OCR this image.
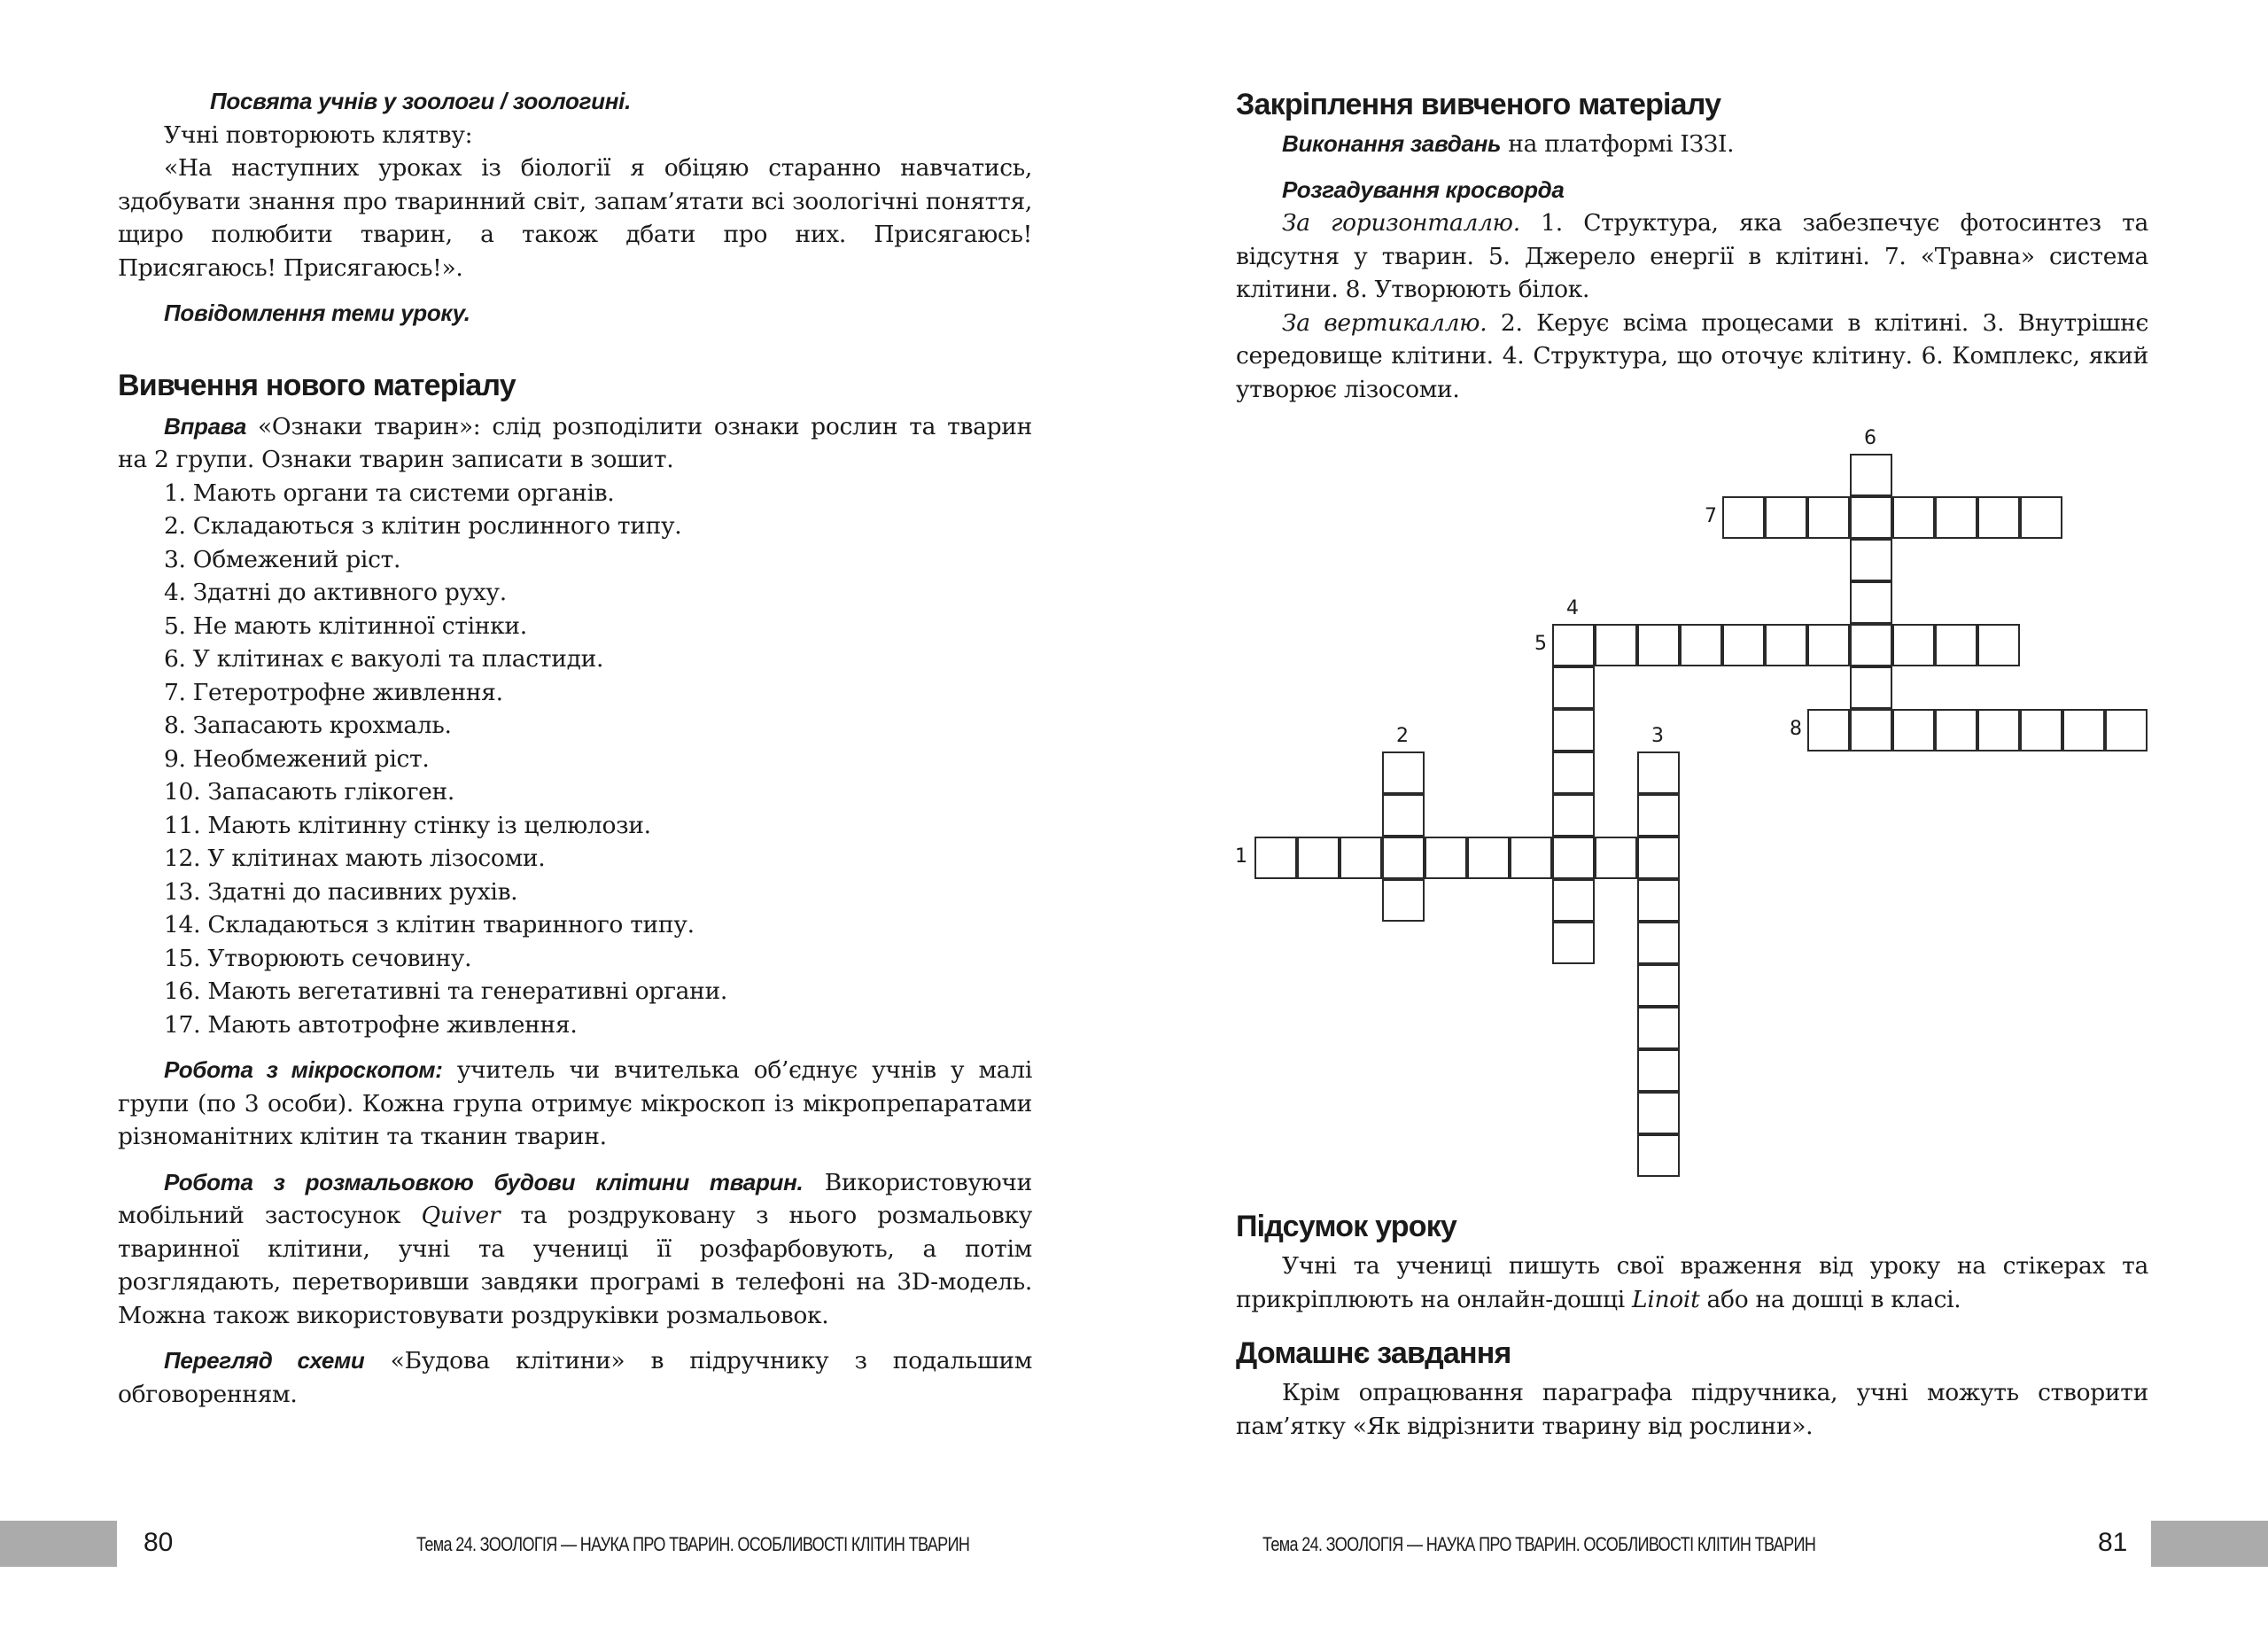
Посвята учнів у зоологи / зоологині.

Учні повторюють клятву:

«На наступних уроках із біології я обіцяю старанно навчатись, здобувати знання про тваринний світ, запам’ятати всі зоологічні поняття, щиро полюбити тварин, а також дбати про них. Присягаюсь! Присягаюсь! Присягаюсь!».

Повідомлення теми уроку.

Вивчення нового матеріалу

Вправа «Ознаки тварин»: слід розподілити ознаки рослин та тварин на 2 групи. Ознаки тварин записати в зошит.

1. Мають органи та системи органів.
2. Складаються з клітин рослинного типу.
3. Обмежений ріст.
4. Здатні до активного руху.
5. Не мають клітинної стінки.
6. У клітинах є вакуолі та пластиди.
7. Гетеротрофне живлення.
8. Запасають крохмаль.
9. Необмежений ріст.
10. Запасають глікоген.
11. Мають клітинну стінку із целюлози.
12. У клітинах мають лізосоми.
13. Здатні до пасивних рухів.
14. Складаються з клітин тваринного типу.
15. Утворюють сечовину.
16. Мають вегетативні та генеративні органи.
17. Мають автотрофне живлення.

Робота з мікроскопом: учитель чи вчителька об’єднує учнів у малі групи (по 3 особи). Кожна група отримує мікроскоп із мікропрепаратами різноманітних клітин та тканин тварин.

Робота з розмальовкою будови клітини тварин. Використовуючи мобільний застосунок Quiver та роздруковану з нього розмальовку тваринної клітини, учні та учениці її розфарбовують, а потім розглядають, перетворивши завдяки програмі в телефоні на 3D-модель. Можна також використовувати роздруківки розмальовок.

Перегляд схеми «Будова клітини» в підручнику з подальшим обговоренням.

80	Тема 24. ЗООЛОГІЯ — НАУКА ПРО ТВАРИН. ОСОБЛИВОСТІ КЛІТИН ТВАРИН
Закріплення вивченого матеріалу

Виконання завдань на платформі IЗЗІ.

Розгадування кросворда

За горизонталлю. 1. Структура, яка забезпечує фотосинтез та відсутня у тварин. 5. Джерело енергії в клітині. 7. «Травна» система клітини. 8. Утворюють білок.

За вертикаллю. 2. Керує всіма процесами в клітині. 3. Внутрішнє середовище клітини. 4. Структура, що оточує клітину. 6. Комплекс, який утворює лізосоми.

1
2	3
4
5
6
7
8
Підсумок уроку

Учні та учениці пишуть свої враження від уроку на стікерах та прикріплюють на онлайн-дошці Linoit або на дошці в класі.

Домашнє завдання

Крім опрацювання параграфа підручника, учні можуть створити пам’ятку «Як відрізнити тварину від рослини».

Тема 24. ЗООЛОГІЯ — НАУКА ПРО ТВАРИН. ОСОБЛИВОСТІ КЛІТИН ТВАРИН	81
